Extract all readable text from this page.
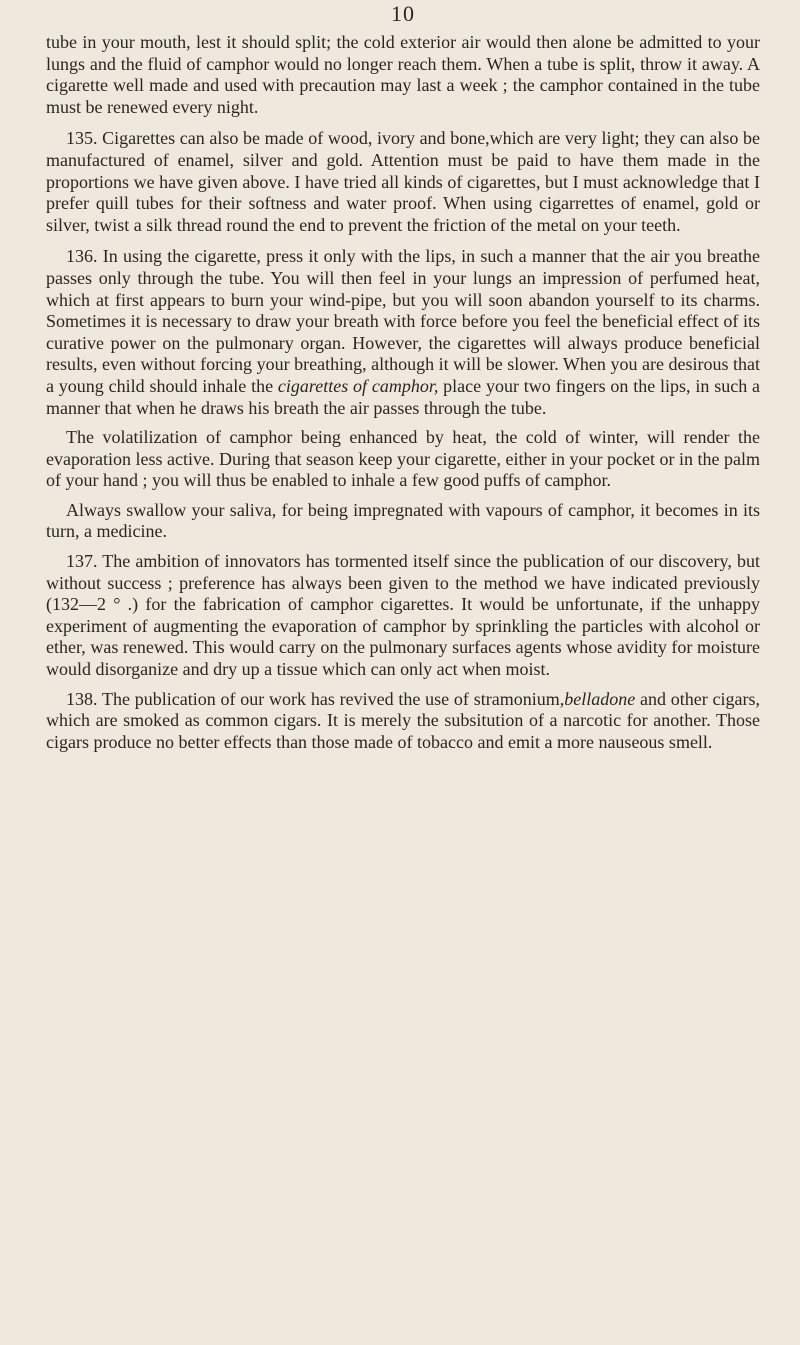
10

tube in your mouth, lest it should split; the cold exterior air would then alone be admitted to your lungs and the fluid of camphor would no longer reach them. When a tube is split, throw it away. A cigarette well made and used with precaution may last a week ; the camphor contained in the tube must be renewed every night.

135. Cigarettes can also be made of wood, ivory and bone,which are very light; they can also be manufactured of enamel, silver and gold. Attention must be paid to have them made in the proportions we have given above. I have tried all kinds of cigarettes, but I must acknowledge that I prefer quill tubes for their softness and water proof. When using cigarrettes of enamel, gold or silver, twist a silk thread round the end to prevent the friction of the metal on your teeth.

136. In using the cigarette, press it only with the lips, in such a manner that the air you breathe passes only through the tube. You will then feel in your lungs an impression of perfumed heat, which at first appears to burn your wind-pipe, but you will soon abandon yourself to its charms. Sometimes it is necessary to draw your breath with force before you feel the beneficial effect of its curative power on the pulmonary organ. However, the cigarettes will always produce beneficial results, even without forcing your breathing, although it will be slower. When you are desirous that a young child should inhale the cigarettes of camphor, place your two fingers on the lips, in such a manner that when he draws his breath the air passes through the tube.

The volatilization of camphor being enhanced by heat, the cold of winter, will render the evaporation less active. During that season keep your cigarette, either in your pocket or in the palm of your hand ; you will thus be enabled to inhale a few good puffs of camphor.

Always swallow your saliva, for being impregnated with vapours of camphor, it becomes in its turn, a medicine.

137. The ambition of innovators has tormented itself since the publication of our discovery, but without success ; preference has always been given to the method we have indicated previously (132—2 ° .) for the fabrication of camphor cigarettes. It would be unfortunate, if the unhappy experiment of augmenting the evaporation of camphor by sprinkling the particles with alcohol or ether, was renewed. This would carry on the pulmonary surfaces agents whose avidity for moisture would disorganize and dry up a tissue which can only act when moist.

138. The publication of our work has revived the use of stramonium,belladone and other cigars, which are smoked as common cigars. It is merely the subsitution of a narcotic for another. Those cigars produce no better effects than those made of tobacco and emit a more nauseous smell.
